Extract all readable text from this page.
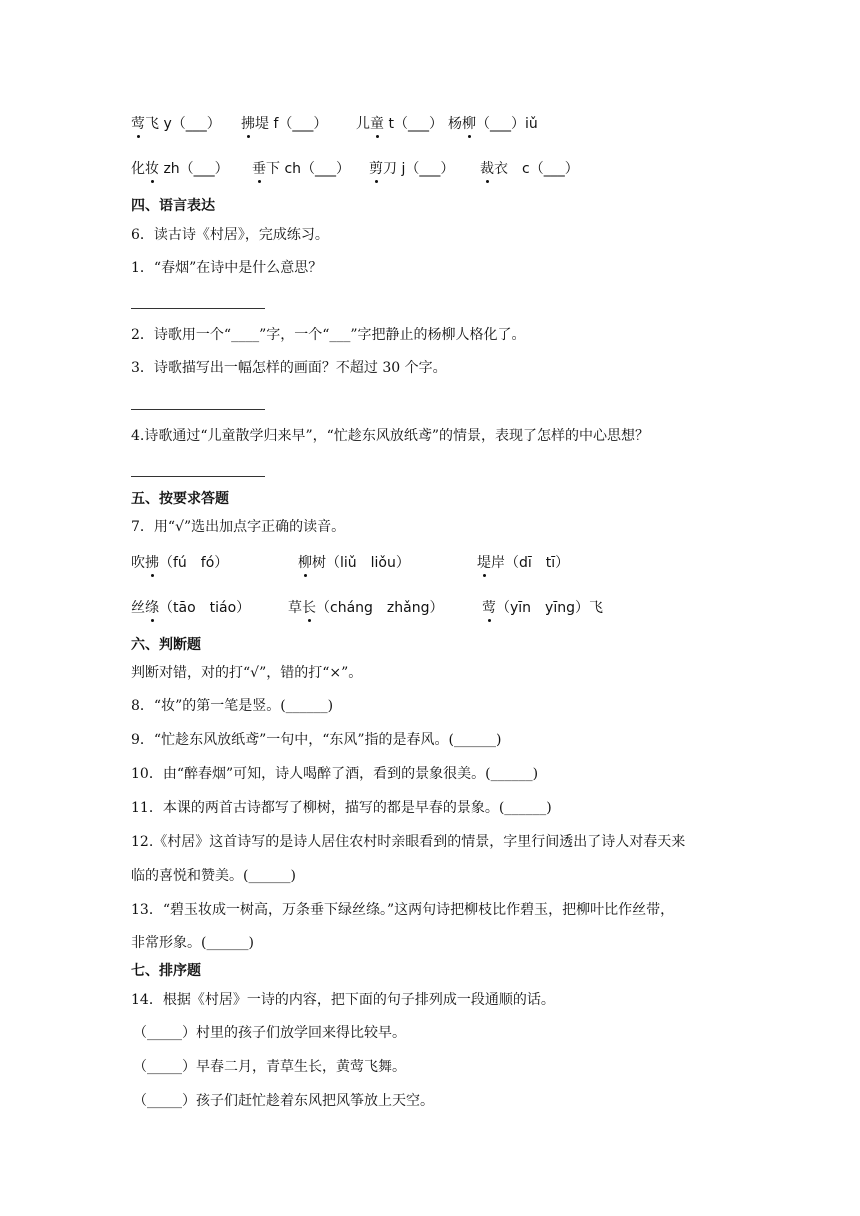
莺飞 y（___） 拂堤 f（___） 儿童 t（___） 杨柳（___）iǔ
化妆 zh（___） 垂下 ch（___） 剪刀 j（___） 裁衣　c（___）
四、语言表达
6．读古诗《村居》，完成练习。
1．“春烟”在诗中是什么意思？
2．诗歌用一个“____”字，一个“___”字把静止的杨柳人格化了。
3．诗歌描写出一幅怎样的画面？不超过 30 个字。
4.诗歌通过“儿童散学归来早”，“忙趁东风放纸鸢”的情景，表现了怎样的中心思想？
五、按要求答题
7．用“√”选出加点字正确的读音。
吹拂（fú　fó）	柳树（liǔ　liǒu）	堤岸（dī　tī）
丝绦（tāo　tiáo）	草长（cháng　zhǎng）	莺（yīn　yīng）飞
六、判断题
判断对错，对的打“√”，错的打“×”。
8．“妆”的第一笔是竖。(______)
9．“忙趁东风放纸鸢”一句中，“东风”指的是春风。(______)
10．由“醉春烟”可知，诗人喝醉了酒，看到的景象很美。(______)
11．本课的两首古诗都写了柳树，描写的都是早春的景象。(______)
12.《村居》这首诗写的是诗人居住农村时亲眼看到的情景，字里行间透出了诗人对春天来
临的喜悦和赞美。(______)
13．“碧玉妆成一树高，万条垂下绿丝绦。”这两句诗把柳枝比作碧玉，把柳叶比作丝带，
非常形象。(______)
七、排序题
14．根据《村居》一诗的内容，把下面的句子排列成一段通顺的话。
（_____）村里的孩子们放学回来得比较早。
（_____）早春二月，青草生长，黄莺飞舞。
（_____）孩子们赶忙趁着东风把风筝放上天空。
